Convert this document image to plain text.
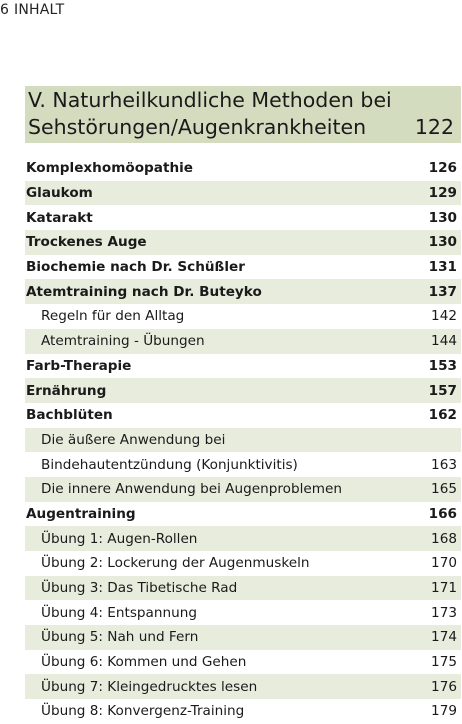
6 INHALT
V. Naturheilkundliche Methoden bei
Sehstörungen/Augenkrankheiten	122
Komplexhomöopathie	126
Glaukom	129
Katarakt	130
Trockenes Auge	130
Biochemie nach Dr. Schüßler	131
Atemtraining nach Dr. Buteyko	137
Regeln für den Alltag	142
Atemtraining - Übungen	144
Farb-Therapie	153
Ernährung	157
Bachblüten	162
Die äußere Anwendung bei
Bindehautentzündung (Konjunktivitis)	163
Die innere Anwendung bei Augenproblemen	165
Augentraining	166
Übung 1: Augen-Rollen	168
Übung 2: Lockerung der Augenmuskeln	170
Übung 3: Das Tibetische Rad	171
Übung 4: Entspannung	173
Übung 5: Nah und Fern	174
Übung 6: Kommen und Gehen	175
Übung 7: Kleingedrucktes lesen	176
Übung 8: Konvergenz-Training	179
